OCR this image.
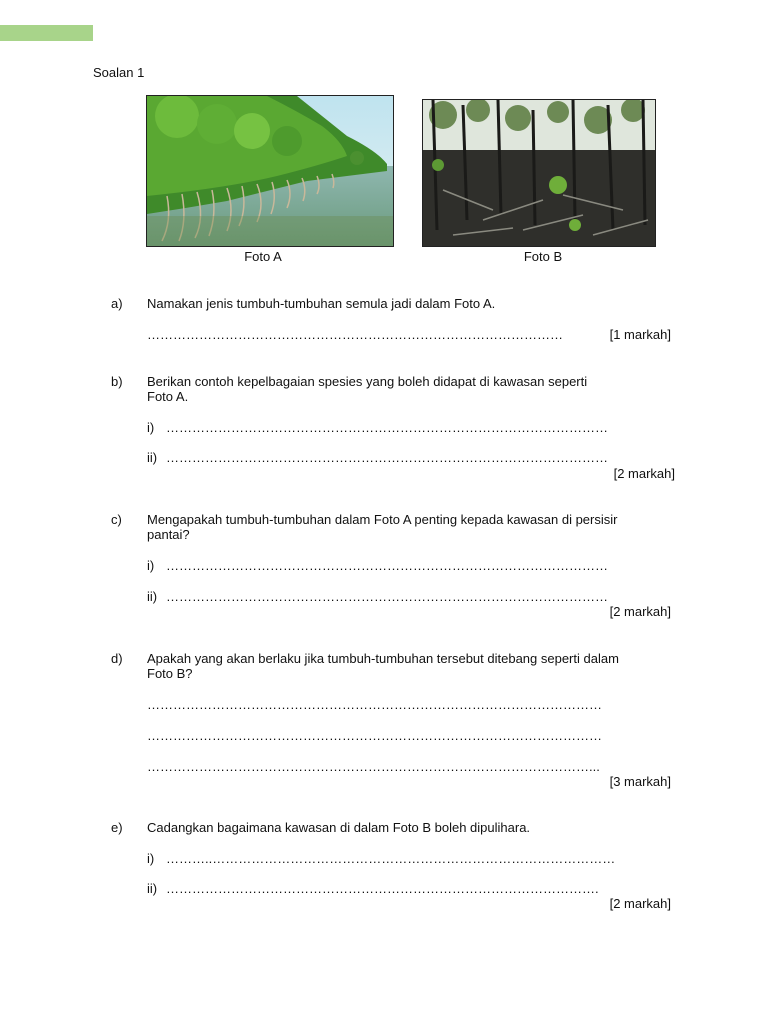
Soalan 1
Foto A	Foto B
a) Namakan jenis tumbuh-tumbuhan semula jadi dalam Foto A.
……………………………………………………………………………………	[1 markah]
b) Berikan contoh kepelbagaian spesies yang boleh didapat di kawasan seperti
Foto A.
i) …………………………………………………………………………………………
ii) …………………………………………………………………………………………
[2 markah]
c) Mengapakah tumbuh-tumbuhan dalam Foto A penting kepada kawasan di persisir
pantai?
i) …………………………………………………………………………………………
ii) …………………………………………………………………………………………
[2 markah]
d) Apakah yang akan berlaku jika tumbuh-tumbuhan tersebut ditebang seperti dalam
Foto B?
……………………………………………………………………………………………
……………………………………………………………………………………………
…………………………………………………………………………………………...
[3 markah]
e) Cadangkan bagaimana kawasan di dalam Foto B boleh dipulihara.
i) ………..…………………………………………………………………………………
ii) ……………………………………………………………………………………….
[2 markah]
